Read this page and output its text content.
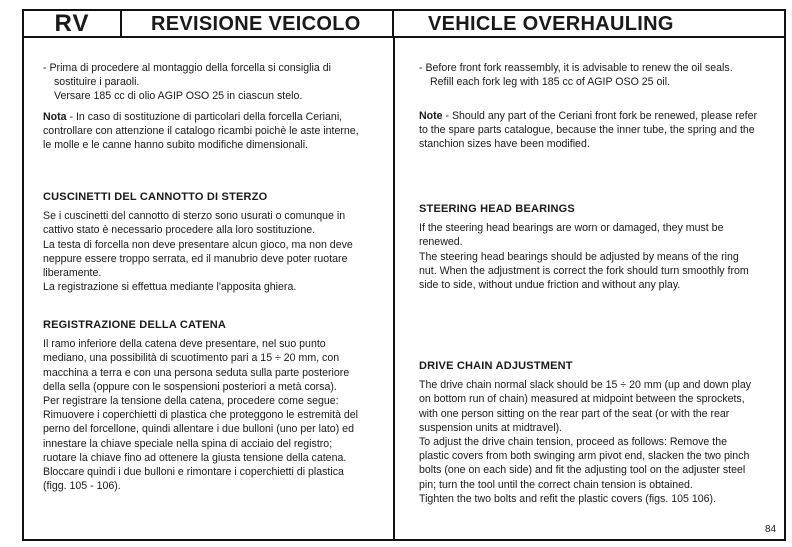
RV	REVISIONE VEICOLO	VEHICLE OVERHAULING

- Prima di procedere al montaggio della forcella si consiglia di sostituire i paraoli.

Versare 185 cc di olio AGIP OSO 25 in ciascun stelo.

Nota - In caso di sostituzione di particolari della forcella Ceriani, controllare con attenzione il catalogo ricambi poichè le aste interne, le molle e le canne hanno subito modifiche dimensionali.

CUSCINETTI DEL CANNOTTO DI STERZO

Se i cuscinetti del cannotto di sterzo sono usurati o comunque in cattivo stato è necessario procedere alla loro sostituzione.

La testa di forcella non deve presentare alcun gioco, ma non deve neppure essere troppo serrata, ed il manubrio deve poter ruotare liberamente.

La registrazione si effettua mediante l'apposita ghiera.

REGISTRAZIONE DELLA CATENA

Il ramo inferiore della catena deve presentare, nel suo punto mediano, una possibilità di scuotimento pari a 15 ÷ 20 mm, con macchina a terra e con una persona seduta sulla parte posteriore della sella (oppure con le sospensioni posteriori a metà corsa).

Per registrare la tensione della catena, procedere come segue: Rimuovere i coperchietti di plastica che proteggono le estremità del perno del forcellone, quindi allentare i due bulloni (uno per lato) ed innestare la chiave speciale nella spina di acciaio del registro; ruotare la chiave fino ad ottenere la giusta tensione della catena.

Bloccare quindi i due bulloni e rimontare i coperchietti di plastica (figg. 105 - 106).

- Before front fork reassembly, it is advisable to renew the oil seals.

Refill each fork leg with 185 cc of AGIP OSO 25 oil.

Note - Should any part of the Ceriani front fork be renewed, please refer to the spare parts catalogue, because the inner tube, the spring and the stanchion sizes have been modified.

STEERING HEAD BEARINGS

If the steering head bearings are worn or damaged, they must be renewed.

The steering head bearings should be adjusted by means of the ring nut. When the adjustment is correct the fork should turn smoothly from side to side, without undue friction and without any play.

DRIVE CHAIN ADJUSTMENT

The drive chain normal slack should be 15 ÷ 20 mm (up and down play on bottom run of chain) measured at midpoint between the sprockets, with one person sitting on the rear part of the seat (or with the rear suspension units at midtravel).

To adjust the drive chain tension, proceed as follows: Remove the plastic covers from both swinging arm pivot end, slacken the two pinch bolts (one on each side) and fit the adjusting tool on the adjuster steel pin; turn the tool until the correct chain tension is obtained.

Tighten the two bolts and refit the plastic covers (figs. 105 106).

84
